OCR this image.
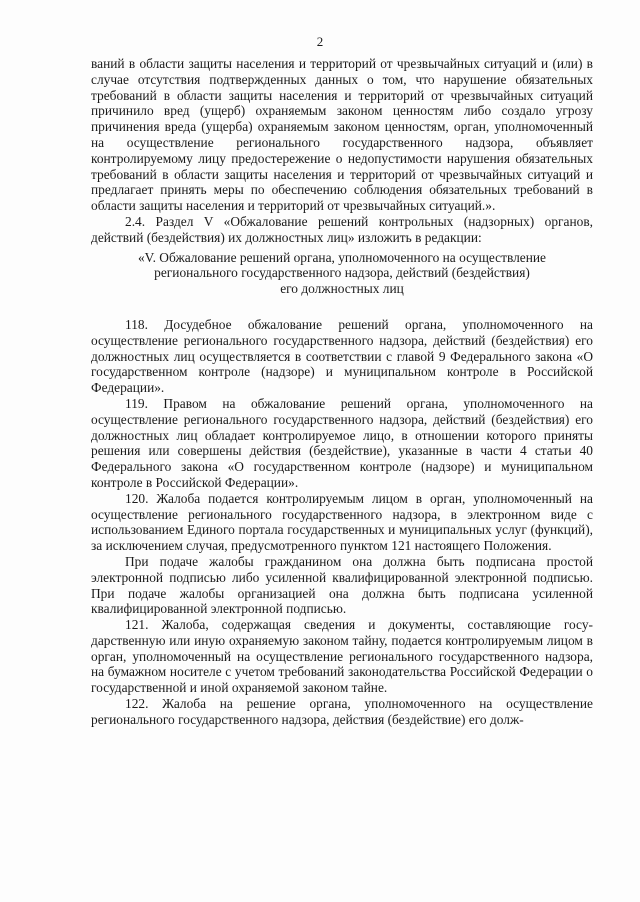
2

ваний в области защиты населения и территорий от чрезвычайных ситуаций и (или) в случае отсутствия подтвержденных данных о том, что нарушение обязательных требований в области защиты населения и территорий от чрезвычайных ситуаций причинило вред (ущерб) охраняемым законом ценностям либо создало угрозу причинения вреда (ущерба) охраняемым законом ценностям, орган, уполномоченный на осуществление регионального государственного надзора, объявляет контролируемому лицу предостережение о недопустимости нарушения обязательных требований в области защиты населения и территорий от чрезвычайных ситуаций и предлагает принять меры по обеспечению соблюдения обязательных требований в области защиты населения и территорий от чрезвычайных ситуаций.».

2.4. Раздел V «Обжалование решений контрольных (надзорных) органов, действий (бездействия) их должностных лиц» изложить в редакции:

«V. Обжалование решений органа, уполномоченного на осуществление

регионального государственного надзора, действий (бездействия)

его должностных лиц

118. Досудебное обжалование решений органа, уполномоченного на осуществление регионального государственного надзора, действий (бездействия) его должностных лиц осуществляется в соответствии с главой 9 Федерального закона «О государственном контроле (надзоре) и муниципальном контроле в Российской Федерации».

119. Правом на обжалование решений органа, уполномоченного на осуществление регионального государственного надзора, действий (бездействия) его должностных лиц обладает контролируемое лицо, в отношении которого приняты решения или совершены действия (бездействие), указанные в части 4 статьи 40 Федерального закона «О государственном контроле (надзоре) и муниципальном контроле в Российской Федерации».

120. Жалоба подается контролируемым лицом в орган, уполномоченный на осуществление регионального государственного надзора, в электронном виде с использованием Единого портала государственных и муниципальных услуг (функций), за исключением случая, предусмотренного пунктом 121 настоящего Положения.

При подаче жалобы гражданином она должна быть подписана простой электронной подписью либо усиленной квалифицированной электронной подписью. При подаче жалобы организацией она должна быть подписана усиленной квалифицированной электронной подписью.

121. Жалоба, содержащая сведения и документы, составляющие государственную или иную охраняемую законом тайну, подается контролируемым лицом в орган, уполномоченный на осуществление регионального государственного надзора, на бумажном носителе с учетом требований законодательства Российской Федерации о государственной и иной охраняемой законом тайне.

122. Жалоба на решение органа, уполномоченного на осуществление регионального государственного надзора, действия (бездействие) его долж-
